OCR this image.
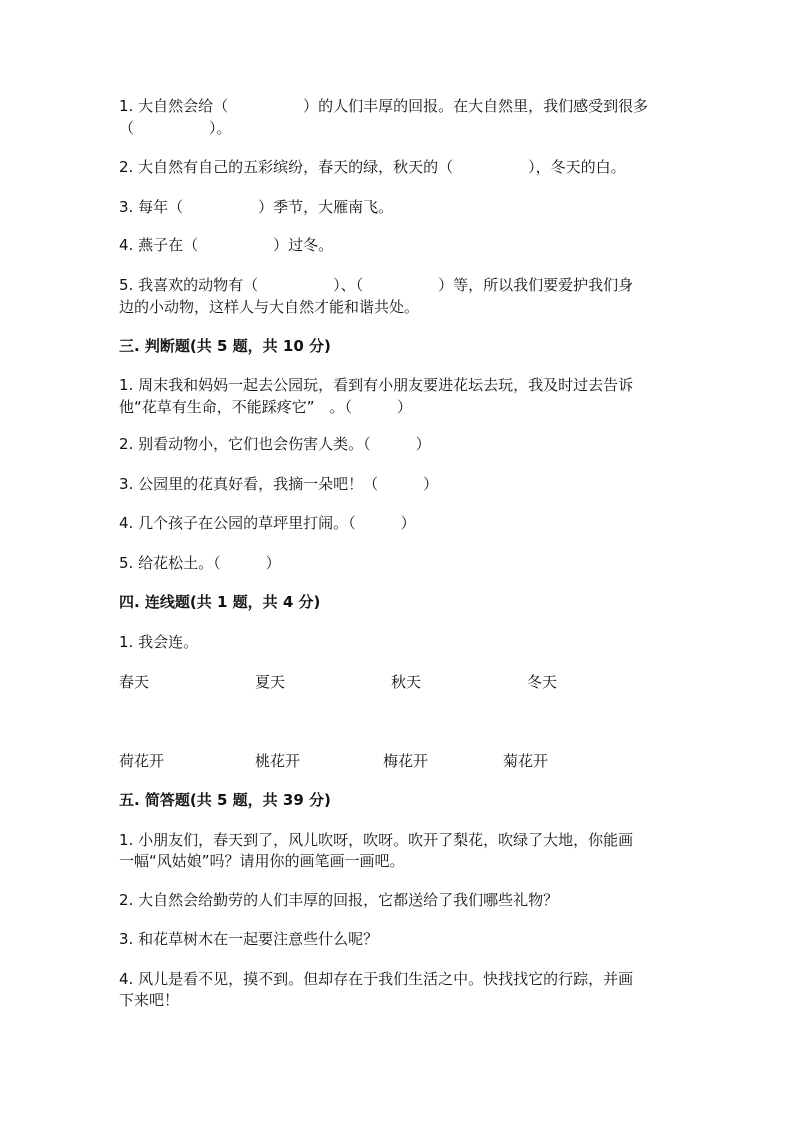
1. 大自然会给（　　　　　）的人们丰厚的回报。在大自然里，我们感受到很多
（　　　　　）。
2. 大自然有自己的五彩缤纷，春天的绿，秋天的（　　　　　），冬天的白。
3. 每年（　　　　　）季节，大雁南飞。
4. 燕子在（　　　　　）过冬。
5. 我喜欢的动物有（　　　　　）、（　　　　　）等，所以我们要爱护我们身
边的小动物，这样人与大自然才能和谐共处。
三. 判断题(共 5 题，共 10 分)
1. 周末我和妈妈一起去公园玩，看到有小朋友要进花坛去玩，我及时过去告诉
他“花草有生命，不能踩疼它”　。（　　　）
2. 别看动物小，它们也会伤害人类。（　　　）
3. 公园里的花真好看，我摘一朵吧！（　　　）
4. 几个孩子在公园的草坪里打闹。（　　　）
5. 给花松土。（　　　）
四. 连线题(共 1 题，共 4 分)
1. 我会连。
春天	夏天	秋天	冬天
荷花开	桃花开	梅花开	菊花开
五. 简答题(共 5 题，共 39 分)
1. 小朋友们，春天到了，风儿吹呀，吹呀。吹开了梨花，吹绿了大地，你能画
一幅“风姑娘”吗？请用你的画笔画一画吧。
2. 大自然会给勤劳的人们丰厚的回报，它都送给了我们哪些礼物？
3. 和花草树木在一起要注意些什么呢？
4. 风儿是看不见，摸不到。但却存在于我们生活之中。快找找它的行踪，并画
下来吧！
